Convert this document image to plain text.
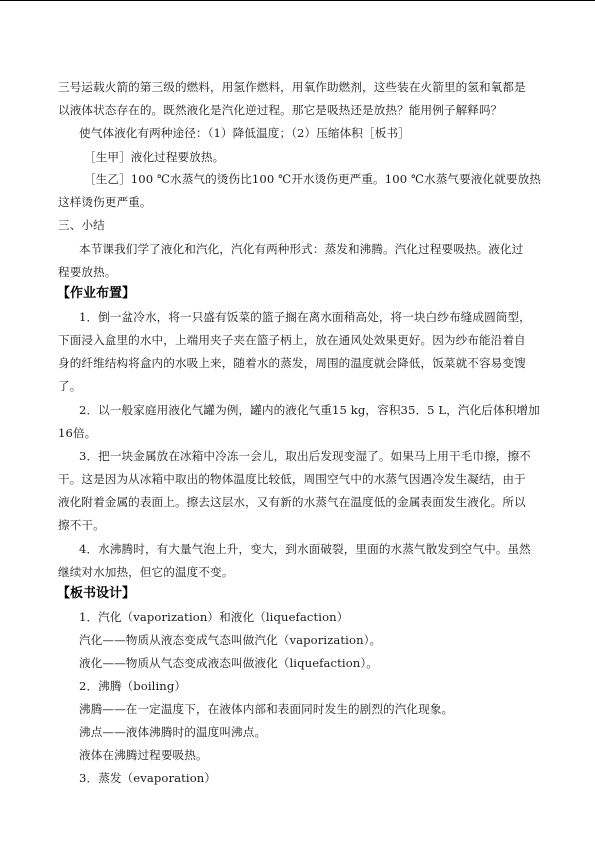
三号运载火箭的第三级的燃料，用氢作燃料，用氧作助燃剂，这些装在火箭里的氢和氧都是
以液体状态存在的。既然液化是汽化逆过程。那它是吸热还是放热？能用例子解释吗？
使气体液化有两种途径：（1）降低温度；（2）压缩体积［板书］
［生甲］液化过程要放热。
［生乙］100 ℃水蒸气的烫伤比100 ℃开水烫伤更严重。100 ℃水蒸气要液化就要放热
这样烫伤更严重。
三、小结
本节课我们学了液化和汽化，汽化有两种形式：蒸发和沸腾。汽化过程要吸热。液化过
程要放热。
【作业布置】
1．倒一盆冷水，将一只盛有饭菜的篮子搁在离水面稍高处，将一块白纱布缝成圆筒型，
下面浸入盒里的水中，上端用夹子夹在篮子柄上，放在通风处效果更好。因为纱布能沿着自
身的纤维结构将盒内的水吸上来，随着水的蒸发，周围的温度就会降低，饭菜就不容易变馊
了。
2．以一般家庭用液化气罐为例，罐内的液化气重15 kg，容积35．5 L，汽化后体积增加
16倍。
3．把一块金属放在冰箱中冷冻一会儿，取出后发现变湿了。如果马上用干毛巾擦，擦不
干。这是因为从冰箱中取出的物体温度比较低，周围空气中的水蒸气因遇冷发生凝结，由于
液化附着金属的表面上。擦去这层水，又有新的水蒸气在温度低的金属表面发生液化。所以
擦不干。
4．水沸腾时，有大量气泡上升，变大，到水面破裂，里面的水蒸气散发到空气中。虽然
继续对水加热，但它的温度不变。
【板书设计】
1．汽化（vaporization）和液化（liquefaction）
汽化——物质从液态变成气态叫做汽化（vaporization）。
液化——物质从气态变成液态叫做液化（liquefaction）。
2．沸腾（boiling）
沸腾——在一定温度下，在液体内部和表面同时发生的剧烈的汽化现象。
沸点——液体沸腾时的温度叫沸点。
液体在沸腾过程要吸热。
3．蒸发（evaporation）
